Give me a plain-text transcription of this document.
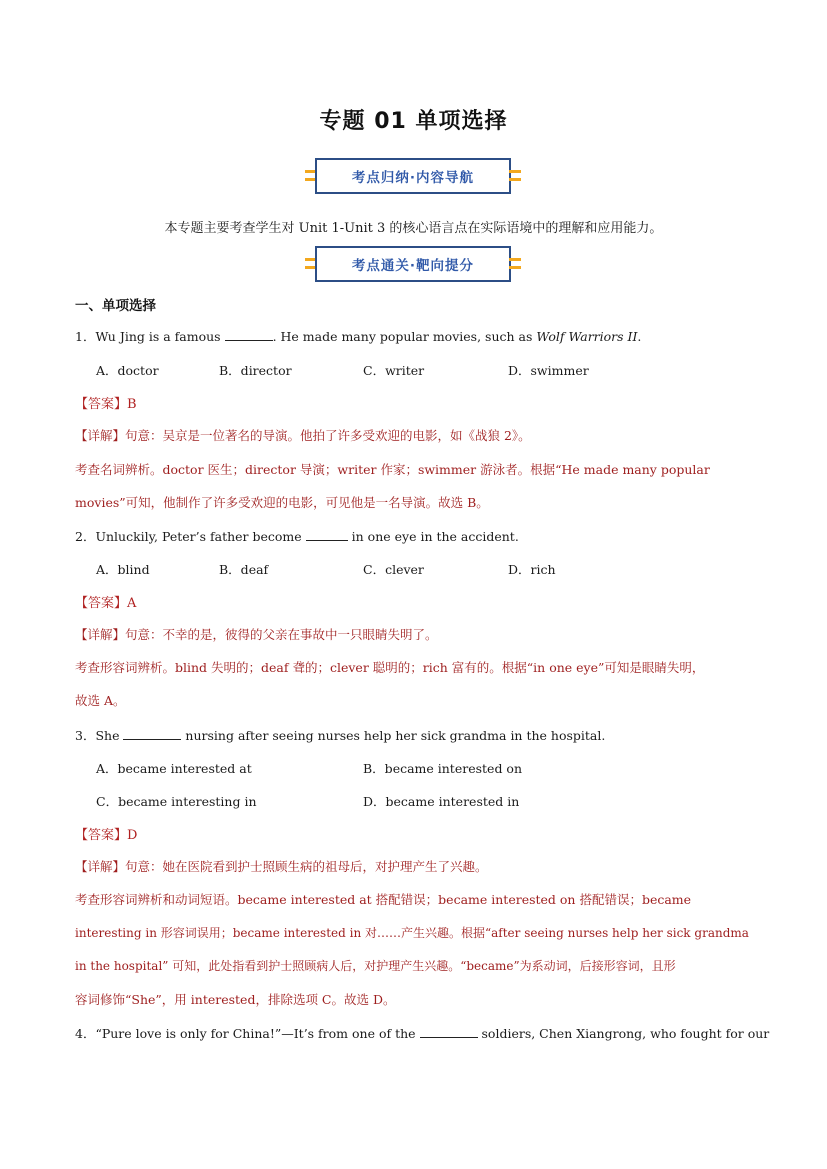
专题 01 单项选择
考点归纳·内容导航
本专题主要考查学生对 Unit 1-Unit 3 的核心语言点在实际语境中的理解和应用能力。
考点通关·靶向提分
一、单项选择
1．Wu Jing is a famous	. He made many popular movies, such as Wolf Warriors II.
A．doctor	B．director	C．writer	D．swimmer
【答案】B
【详解】句意：吴京是一位著名的导演。他拍了许多受欢迎的电影，如《战狼 2》。
考查名词辨析。doctor 医生；director 导演；writer 作家；swimmer 游泳者。根据“He made many popular
movies”可知，他制作了许多受欢迎的电影，可见他是一名导演。故选 B。
2．Unluckily, Peter’s father become	in one eye in the accident.
A．blind	B．deaf	C．clever	D．rich
【答案】A
【详解】句意：不幸的是，彼得的父亲在事故中一只眼睛失明了。
考查形容词辨析。blind 失明的；deaf 聋的；clever 聪明的；rich 富有的。根据“in one eye”可知是眼睛失明，
故选 A。
3．She	nursing after seeing nurses help her sick grandma in the hospital.
A．became interested at	B．became interested on
C．became interesting in	D．became interested in
【答案】D
【详解】句意：她在医院看到护士照顾生病的祖母后，对护理产生了兴趣。
考查形容词辨析和动词短语。became interested at 搭配错误；became interested on 搭配错误；became
interesting in 形容词误用；became interested in 对……产生兴趣。根据“after seeing nurses help her sick grandma
in the hospital” 可知，此处指看到护士照顾病人后，对护理产生兴趣。“became”为系动词，后接形容词，且形
容词修饰“She”，用 interested，排除选项 C。故选 D。
4．“Pure love is only for China!”—It’s from one of the	soldiers, Chen Xiangrong, who fought for our
